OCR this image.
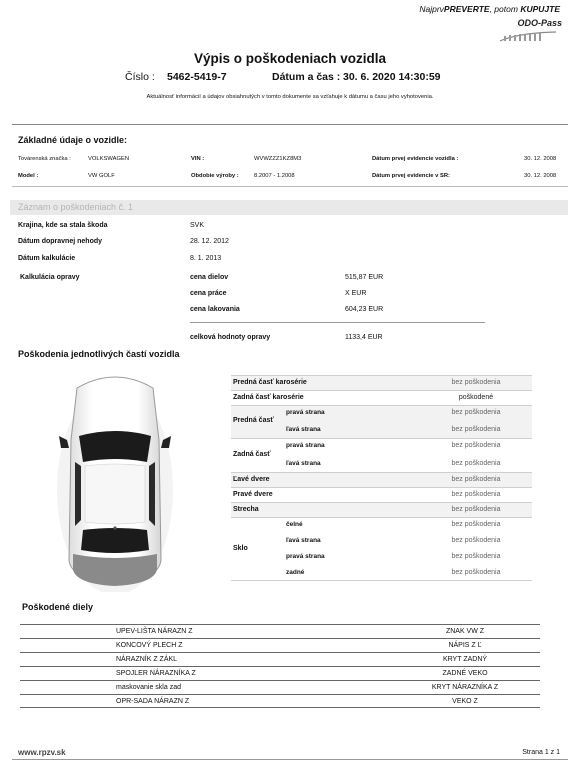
NajprvPREVERTE, potom KUPUJTE
ODO-Pass
Výpis o poškodeniach vozidla
Číslo : 5462-5419-7	Dátum a čas : 30. 6. 2020 14:30:59
Aktuálnosť informácií a údajov obsiahnutých v tomto dokumente sa vzťahuje k dátumu a času jeho vyhotovenia.
Základné údaje o vozidle:
Továrenská značka :	VOLKSWAGEN	VIN :	WVWZZZ1KZ8M3	Dátum prvej evidencie vozidla :	30. 12. 2008
Model :	VW GOLF	Obdobie výroby :	8.2007 - 1.2008	Dátum prvej evidencie v SR:	30. 12. 2008
Záznam o poškodeniach č. 1
Krajina, kde sa stala škoda	SVK
Dátum dopravnej nehody	28. 12. 2012
Dátum kalkulácie	8. 1. 2013
Kalkulácia opravy	cena dielov	515,87 EUR
cena práce	X EUR
cena lakovania	604,23 EUR
celková hodnoty opravy	1133,4 EUR
Poškodenia jednotlivých častí vozidla
Predná časť karosérie	bez poškodenia
Zadná časť karosérie	poškodené
Predná časť
pravá strana	bez poškodenia
ľavá strana	bez poškodenia
Zadná časť
pravá strana	bez poškodenia
ľavá strana	bez poškodenia
Ľavé dvere	bez poškodenia
Pravé dvere	bez poškodenia
Strecha	bez poškodenia
Sklo
čelné	bez poškodenia
ľavá strana	bez poškodenia
pravá strana	bez poškodenia
zadné	bez poškodenia
Poškodené diely
UPEV-LIŠTA NÁRAZN Z	ZNAK VW Z
KONCOVÝ PLECH Z	NÁPIS Z Ľ
NÁRAZNÍK Z ZÁKL	KRYT ZADNÝ
SPOJLER NÁRAZNÍKA Z	ZADNÉ VEKO
maskovanie skla zad	KRYT NÁRAZNÍKA Z
OPR-SADA NÁRAZN Z	VEKO Z
www.rpzv.sk	Strana 1 z 1
